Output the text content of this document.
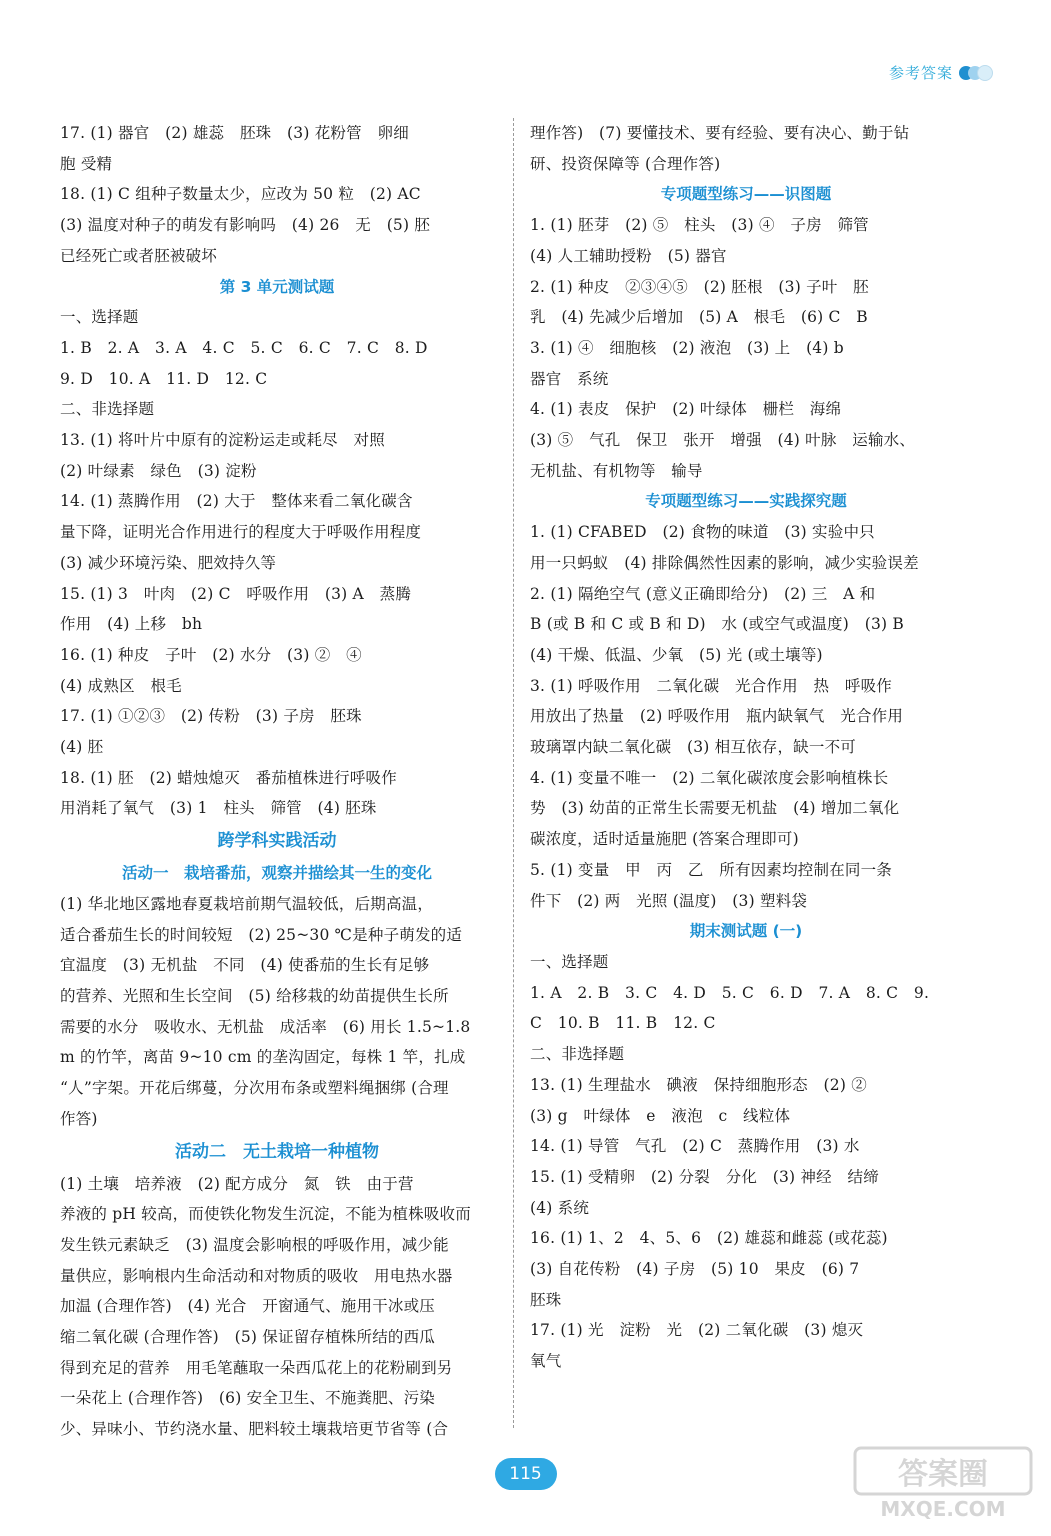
参考答案
17. (1) 器官　(2) 雄蕊　胚珠　(3) 花粉管　卵细
胞 受精
18. (1) C 组种子数量太少，应改为 50 粒　(2) AC
(3) 温度对种子的萌发有影响吗　(4) 26　无　(5) 胚
已经死亡或者胚被破坏
第 3 单元测试题
一、选择题
1. B　2. A　3. A　4. C　5. C　6. C　7. C　8. D
9. D　10. A　11. D　12. C
二、非选择题
13. (1) 将叶片中原有的淀粉运走或耗尽　对照
(2) 叶绿素　绿色　(3) 淀粉
14. (1) 蒸腾作用　(2) 大于　整体来看二氧化碳含
量下降，证明光合作用进行的程度大于呼吸作用程度
(3) 减少环境污染、肥效持久等
15. (1) 3　叶肉　(2) C　呼吸作用　(3) A　蒸腾
作用　(4) 上移　bh
16. (1) 种皮　子叶　(2) 水分　(3) ②　④
(4) 成熟区　根毛
17. (1) ①②③　(2) 传粉　(3) 子房　胚珠
(4) 胚
18. (1) 胚　(2) 蜡烛熄灭　番茄植株进行呼吸作
用消耗了氧气　(3) 1　柱头　筛管　(4) 胚珠
跨学科实践活动
活动一　栽培番茄，观察并描绘其一生的变化
(1) 华北地区露地春夏栽培前期气温较低，后期高温，
适合番茄生长的时间较短　(2) 25~30 ℃是种子萌发的适
宜温度　(3) 无机盐　不同　(4) 使番茄的生长有足够
的营养、光照和生长空间　(5) 给移栽的幼苗提供生长所
需要的水分　吸收水、无机盐　成活率　(6) 用长 1.5~1.8
m 的竹竿，离苗 9~10 cm 的垄沟固定，每株 1 竿，扎成
“人”字架。开花后绑蔓，分次用布条或塑料绳捆绑 (合理
作答)
活动二　无土栽培一种植物
(1) 土壤　培养液　(2) 配方成分　氮　铁　由于营
养液的 pH 较高，而使铁化物发生沉淀，不能为植株吸收而
发生铁元素缺乏　(3) 温度会影响根的呼吸作用，减少能
量供应，影响根内生命活动和对物质的吸收　用电热水器
加温 (合理作答)　(4) 光合　开窗通气、施用干冰或压
缩二氧化碳 (合理作答)　(5) 保证留存植株所结的西瓜
得到充足的营养　用毛笔蘸取一朵西瓜花上的花粉刷到另
一朵花上 (合理作答)　(6) 安全卫生、不施粪肥、污染
少、异味小、节约浇水量、肥料较土壤栽培更节省等 (合
理作答)　(7) 要懂技术、要有经验、要有决心、勤于钻
研、投资保障等 (合理作答)
专项题型练习——识图题
1. (1) 胚芽　(2) ⑤　柱头　(3) ④　子房　筛管
(4) 人工辅助授粉　(5) 器官
2. (1) 种皮　②③④⑤　(2) 胚根　(3) 子叶　胚
乳　(4) 先减少后增加　(5) A　根毛　(6) C　B
3. (1) ④　细胞核　(2) 液泡　(3) 上　(4) b
器官　系统
4. (1) 表皮　保护　(2) 叶绿体　栅栏　海绵
(3) ⑤　气孔　保卫　张开　增强　(4) 叶脉　运输水、
无机盐、有机物等　输导
专项题型练习——实践探究题
1. (1) CFABED　(2) 食物的味道　(3) 实验中只
用一只蚂蚁　(4) 排除偶然性因素的影响，减少实验误差
2. (1) 隔绝空气 (意义正确即给分)　(2) 三　A 和
B (或 B 和 C 或 B 和 D)　水 (或空气或温度)　(3) B
(4) 干燥、低温、少氧　(5) 光 (或土壤等)
3. (1) 呼吸作用　二氧化碳　光合作用　热　呼吸作
用放出了热量　(2) 呼吸作用　瓶内缺氧气　光合作用
玻璃罩内缺二氧化碳　(3) 相互依存，缺一不可
4. (1) 变量不唯一　(2) 二氧化碳浓度会影响植株长
势　(3) 幼苗的正常生长需要无机盐　(4) 增加二氧化
碳浓度，适时适量施肥 (答案合理即可)
5. (1) 变量　甲　丙　乙　所有因素均控制在同一条
件下　(2) 两　光照 (温度)　(3) 塑料袋
期末测试题 (一)
一、选择题
1. A　2. B　3. C　4. D　5. C　6. D　7. A　8. C　9.
C　10. B　11. B　12. C
二、非选择题
13. (1) 生理盐水　碘液　保持细胞形态　(2) ②
(3) g　叶绿体　e　液泡　c　线粒体
14. (1) 导管　气孔　(2) C　蒸腾作用　(3) 水
15. (1) 受精卵　(2) 分裂　分化　(3) 神经　结缔
(4) 系统
16. (1) 1、2　4、5、6　(2) 雄蕊和雌蕊 (或花蕊)
(3) 自花传粉　(4) 子房　(5) 10　果皮　(6) 7
胚珠
17. (1) 光　淀粉　光　(2) 二氧化碳　(3) 熄灭
氧气
115	答案圈
MXQE.COM
